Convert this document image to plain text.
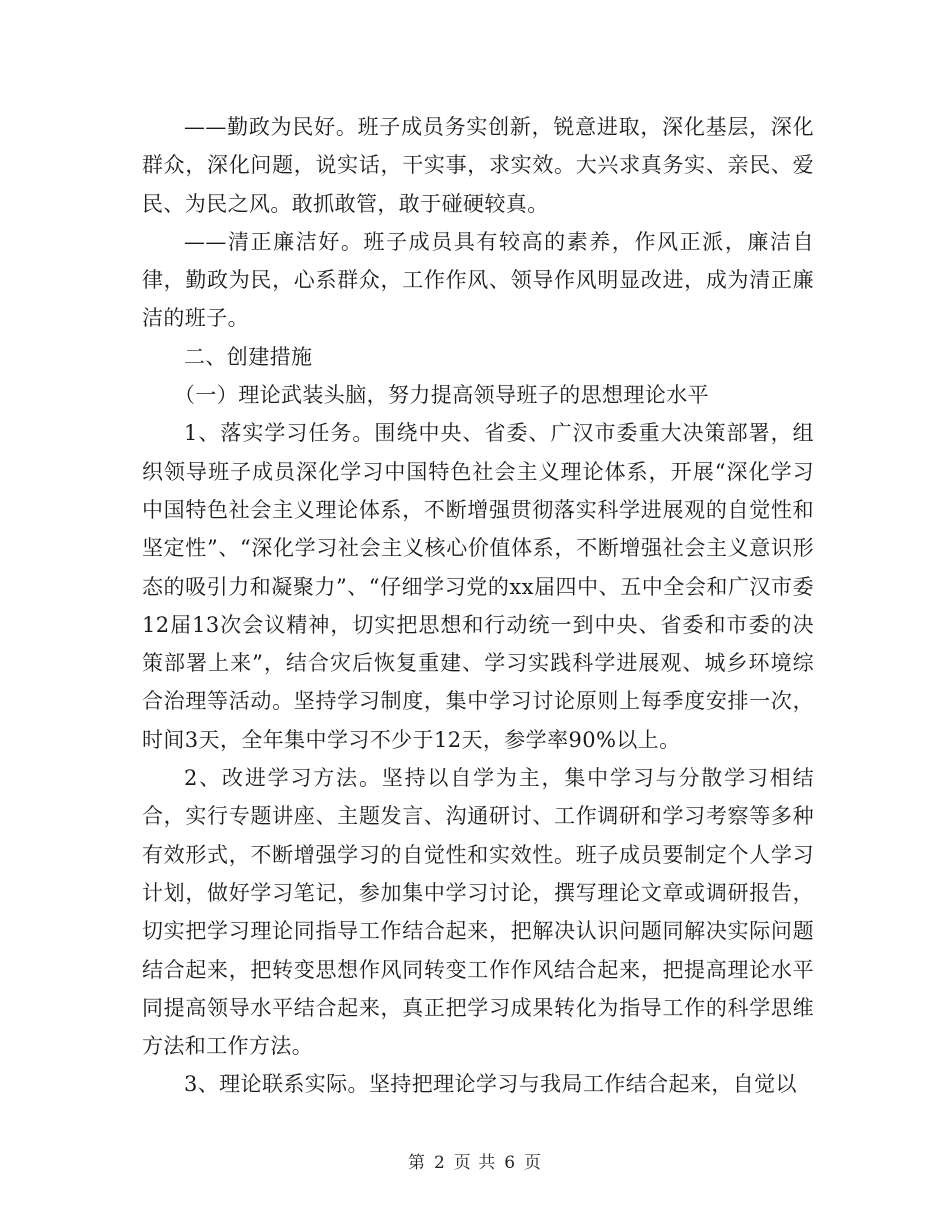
——勤政为民好。班子成员务实创新，锐意进取，深化基层，深化群众，深化问题，说实话，干实事，求实效。大兴求真务实、亲民、爱民、为民之风。敢抓敢管，敢于碰硬较真。

——清正廉洁好。班子成员具有较高的素养，作风正派，廉洁自律，勤政为民，心系群众，工作作风、领导作风明显改进，成为清正廉洁的班子。

二、创建措施

（一）理论武装头脑，努力提高领导班子的思想理论水平

1、落实学习任务。围绕中央、省委、广汉市委重大决策部署，组织领导班子成员深化学习中国特色社会主义理论体系，开展“深化学习中国特色社会主义理论体系，不断增强贯彻落实科学进展观的自觉性和坚定性”、“深化学习社会主义核心价值体系，不断增强社会主义意识形态的吸引力和凝聚力”、“仔细学习党的xx届四中、五中全会和广汉市委12届13次会议精神，切实把思想和行动统一到中央、省委和市委的决策部署上来”，结合灾后恢复重建、学习实践科学进展观、城乡环境综合治理等活动。坚持学习制度，集中学习讨论原则上每季度安排一次，时间3天，全年集中学习不少于12天，参学率90%以上。

2、改进学习方法。坚持以自学为主，集中学习与分散学习相结合，实行专题讲座、主题发言、沟通研讨、工作调研和学习考察等多种有效形式，不断增强学习的自觉性和实效性。班子成员要制定个人学习计划，做好学习笔记，参加集中学习讨论，撰写理论文章或调研报告，切实把学习理论同指导工作结合起来，把解决认识问题同解决实际问题结合起来，把转变思想作风同转变工作作风结合起来，把提高理论水平同提高领导水平结合起来，真正把学习成果转化为指导工作的科学思维方法和工作方法。

3、理论联系实际。坚持把理论学习与我局工作结合起来，自觉以

第 2 页 共 6 页
